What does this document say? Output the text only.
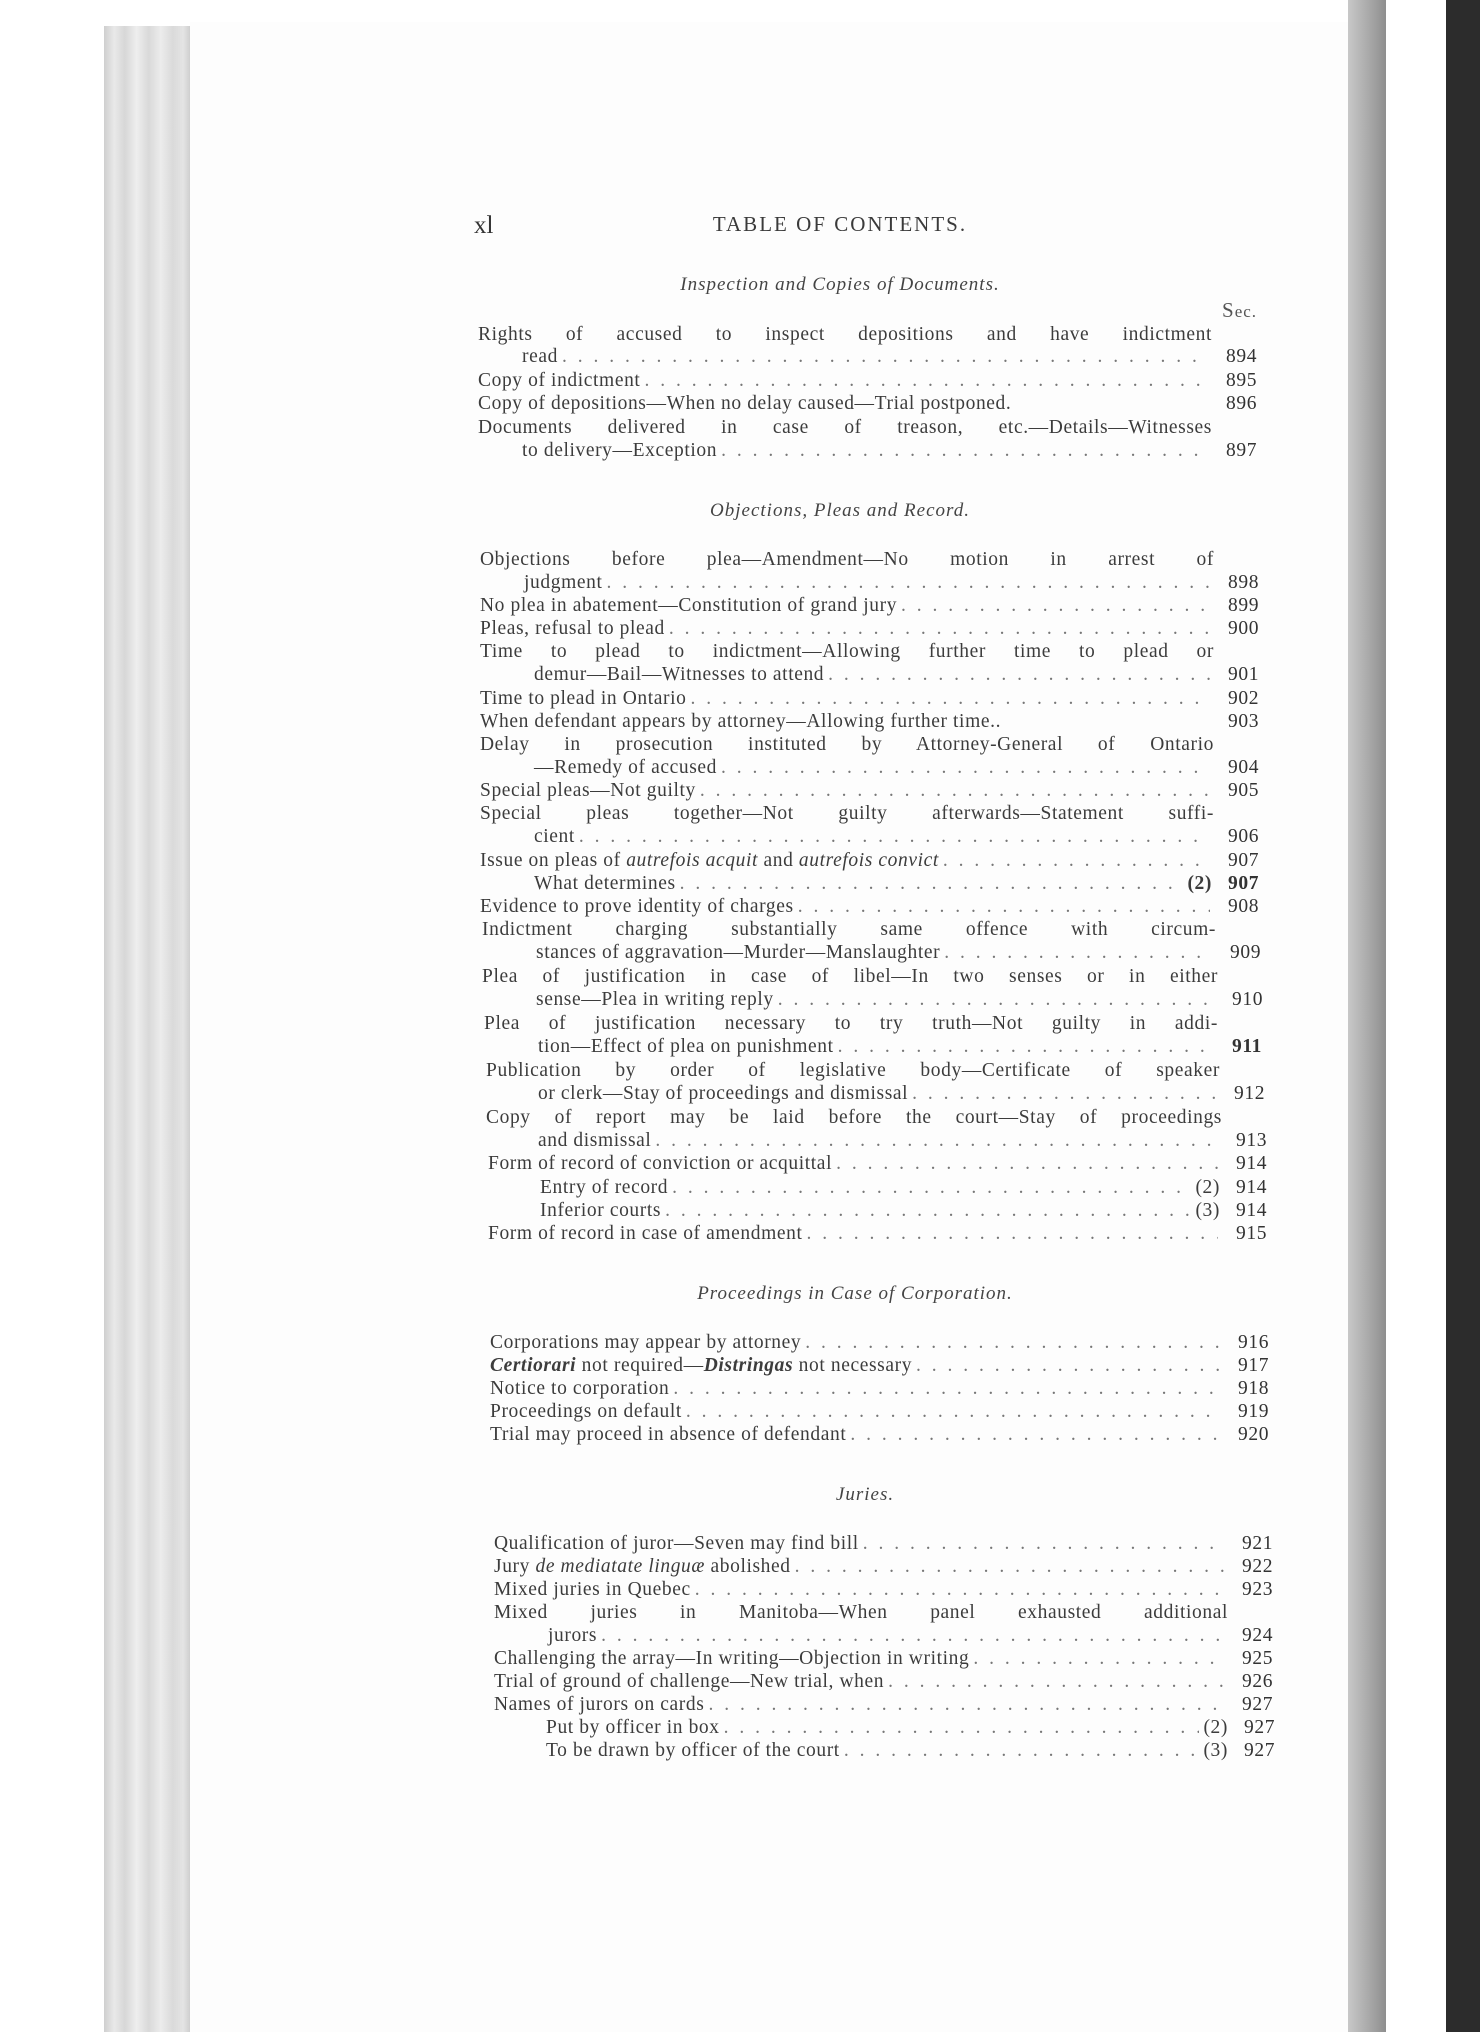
xl	TABLE OF CONTENTS.
Sec.
Inspection and Copies of Documents.
Rights of accused to inspect depositions and have indictment
read . . .	894
Copy of indictment . . .	895
Copy of depositions—When no delay caused—Trial postponed.	896
Documents delivered in case of treason, etc.—Details—Witnesses
to delivery—Exception . . .	897
Objections, Pleas and Record.
Objections before plea—Amendment—No motion in arrest of
judgment . . .	898
No plea in abatement—Constitution of grand jury . . .	899
Pleas, refusal to plead . . .	900
Time to plead to indictment—Allowing further time to plead or
demur—Bail—Witnesses to attend . . .	901
Time to plead in Ontario . . .	902
When defendant appears by attorney—Allowing further time..	903
Delay in prosecution instituted by Attorney-General of Ontario
—Remedy of accused . . .	904
Special pleas—Not guilty . . .	905
Special pleas together—Not guilty afterwards—Statement suffi-
cient . . .	906
Issue on pleas of autrefois acquit and autrefois convict . . .	907
What determines . . .	(2) 907
Evidence to prove identity of charges . . .	908
Indictment charging substantially same offence with circum-
stances of aggravation—Murder—Manslaughter . . .	909
Plea of justification in case of libel—In two senses or in either
sense—Plea in writing reply . . .	910
Plea of justification necessary to try truth—Not guilty in addi-
tion—Effect of plea on punishment . . .	911
Publication by order of legislative body—Certificate of speaker
or clerk—Stay of proceedings and dismissal . . .	912
Copy of report may be laid before the court—Stay of proceedings
and dismissal . . .	913
Form of record of conviction or acquittal . . .	914
Entry of record . . .	(2) 914
Inferior courts . . .	(3) 914
Form of record in case of amendment . . .	915
Proceedings in Case of Corporation.
Corporations may appear by attorney . . .	916
Certiorari not required—Distringas not necessary . . .	917
Notice to corporation . . .	918
Proceedings on default . . .	919
Trial may proceed in absence of defendant . . .	920
Juries.
Qualification of juror—Seven may find bill . . .	921
Jury de mediatate linguæ abolished . . .	922
Mixed juries in Quebec . . .	923
Mixed juries in Manitoba—When panel exhausted additional
jurors . . .	924
Challenging the array—In writing—Objection in writing . . .	925
Trial of ground of challenge—New trial, when . . .	926
Names of jurors on cards . . .	927
Put by officer in box . . .	(2) 927
To be drawn by officer of the court . . .	(3) 927
